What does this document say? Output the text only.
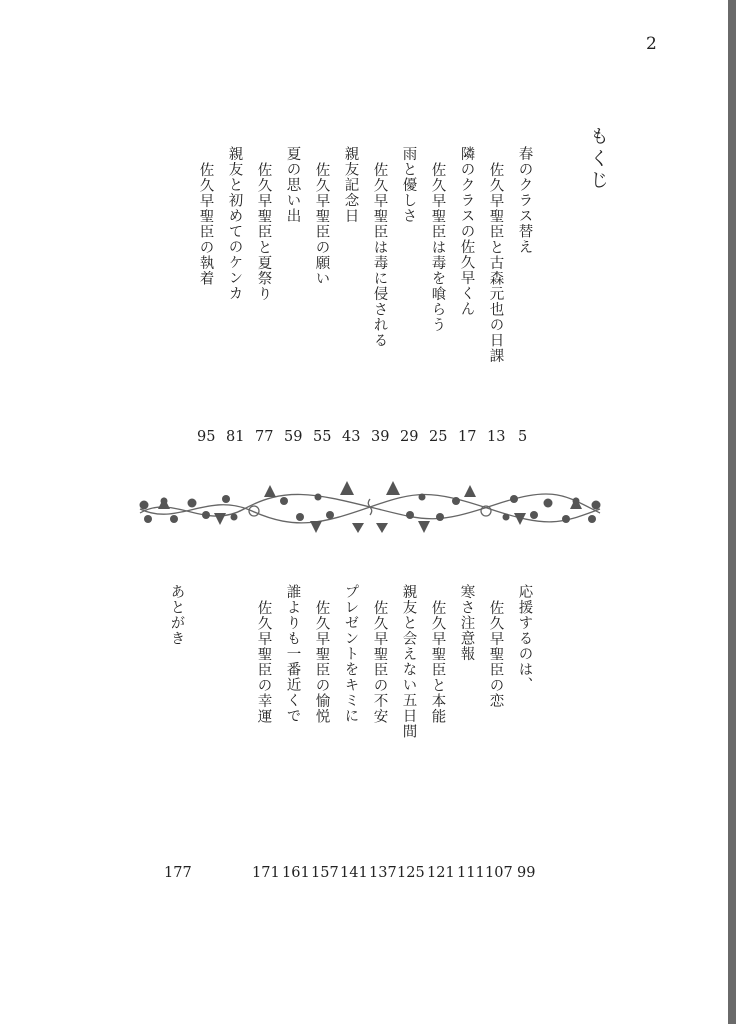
2
もくじ
春のクラス替え
佐久早聖臣と古森元也の日課
隣のクラスの佐久早くん
佐久早聖臣は毒を喰らう
雨と優しさ
佐久早聖臣は毒に侵される
親友記念日
佐久早聖臣の願い
夏の思い出
佐久早聖臣と夏祭り
親友と初めてのケンカ
佐久早聖臣の執着
5
13
17
25
29
39
43
55
59
77
81
95
応援するのは、
佐久早聖臣の恋
寒さ注意報
佐久早聖臣と本能
親友と会えない五日間
佐久早聖臣の不安
プレゼントをキミに
佐久早聖臣の愉悦
誰よりも一番近くで
佐久早聖臣の幸運
あとがき
99
107
111
121
125
137
141
157
161
171
177
